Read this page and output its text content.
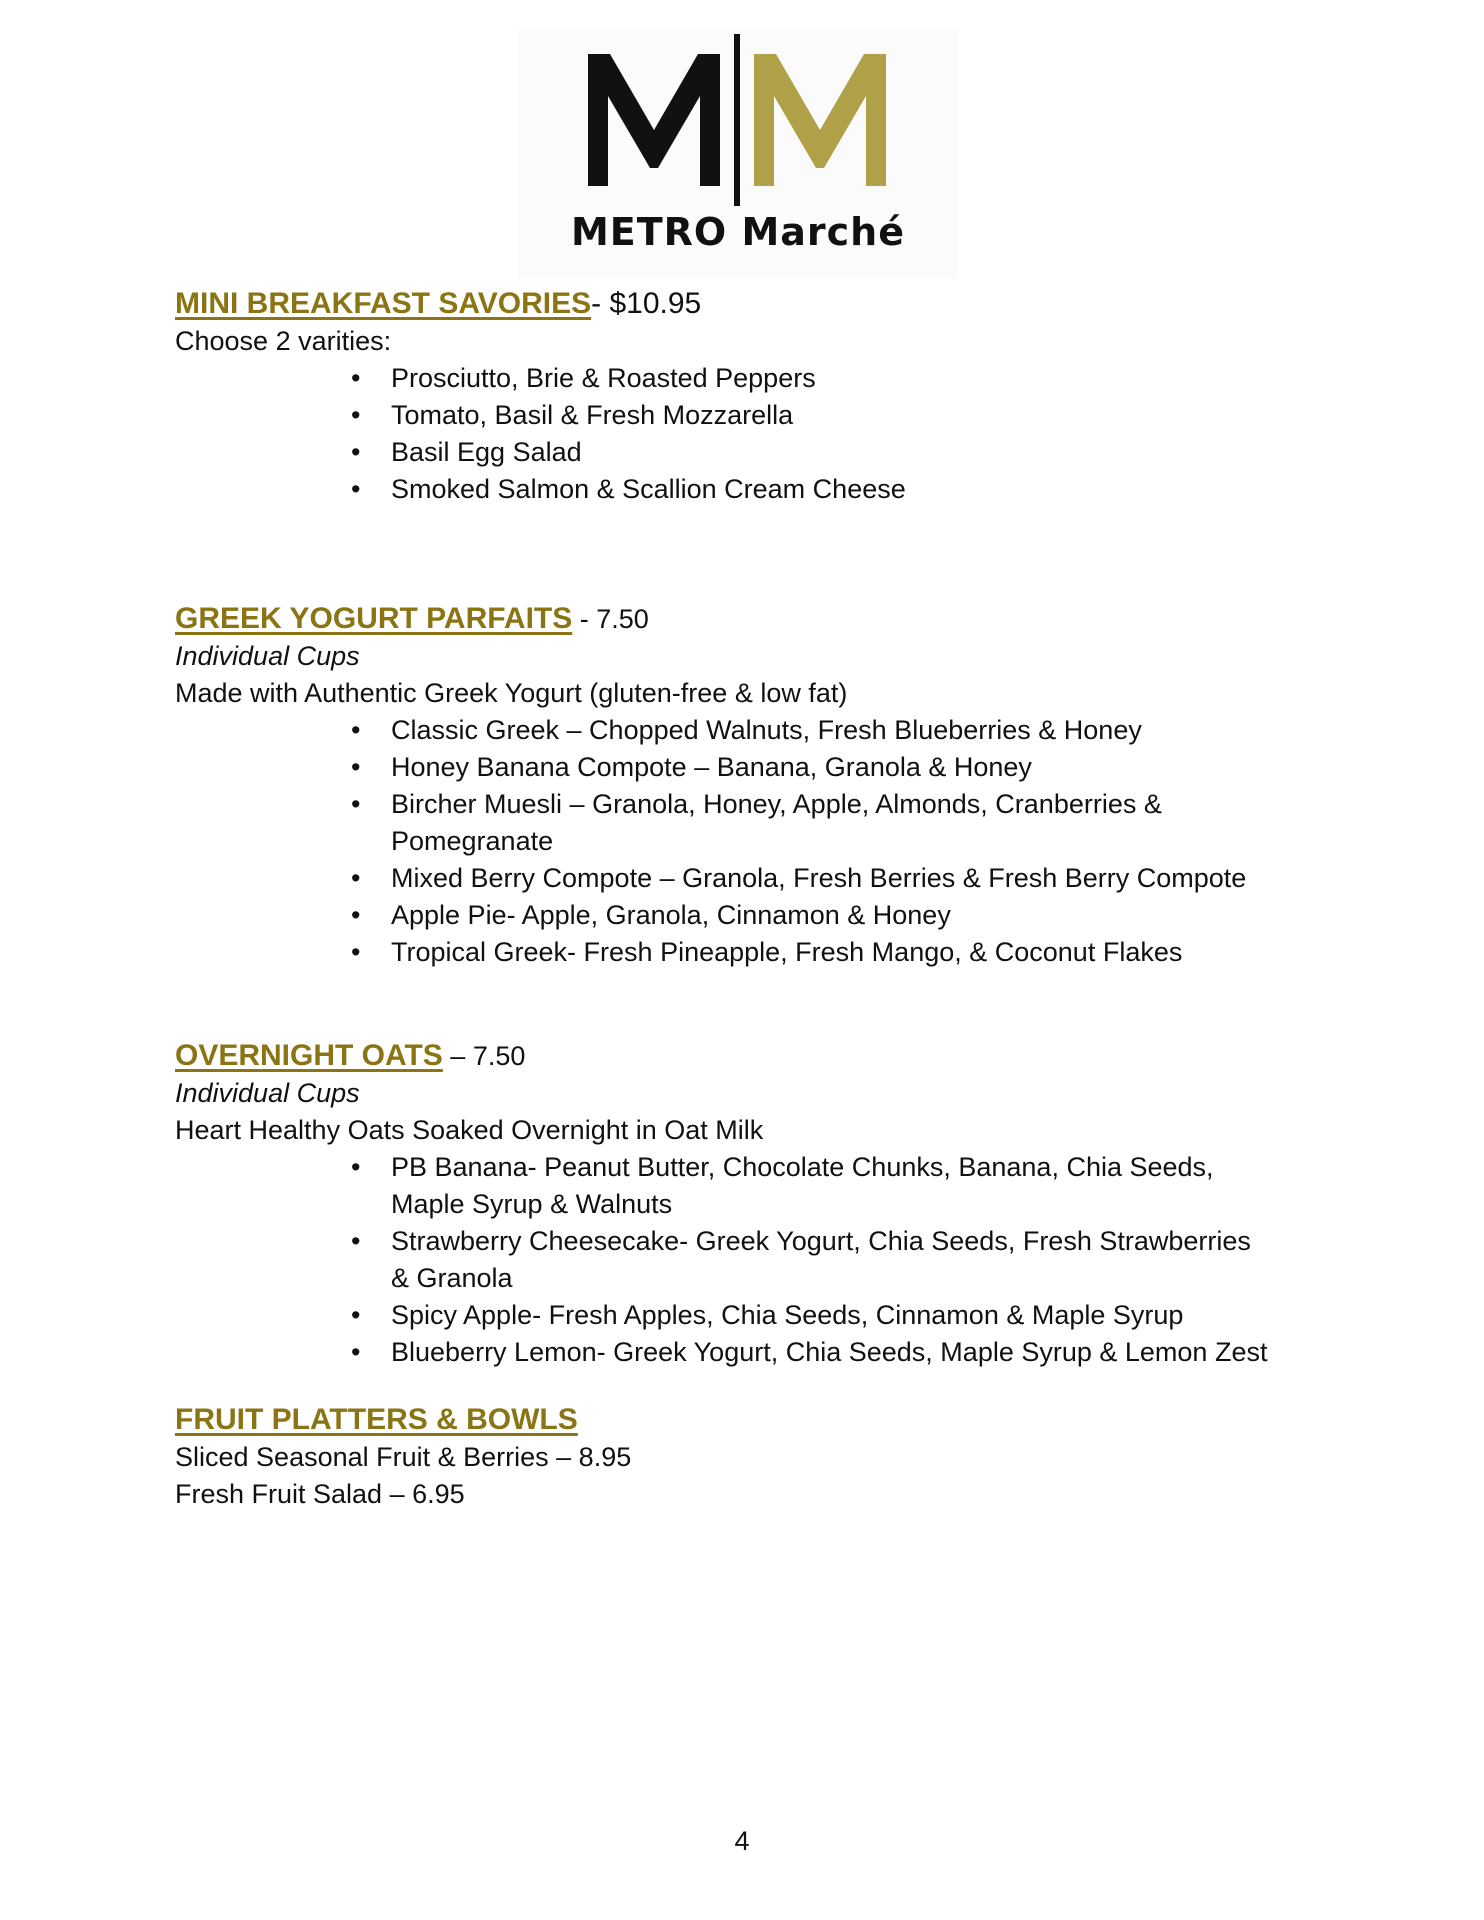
METRO Marché

MINI BREAKFAST SAVORIES- $10.95

Choose 2 varities:

• Prosciutto, Brie & Roasted Peppers
• Tomato, Basil & Fresh Mozzarella
• Basil Egg Salad
• Smoked Salmon & Scallion Cream Cheese

GREEK YOGURT PARFAITS - 7.50

Individual Cups

Made with Authentic Greek Yogurt (gluten-free & low fat)

• Classic Greek – Chopped Walnuts, Fresh Blueberries & Honey
• Honey Banana Compote – Banana, Granola & Honey
• Bircher Muesli – Granola, Honey, Apple, Almonds, Cranberries & Pomegranate
• Mixed Berry Compote – Granola, Fresh Berries & Fresh Berry Compote
• Apple Pie- Apple, Granola, Cinnamon & Honey
• Tropical Greek- Fresh Pineapple, Fresh Mango, & Coconut Flakes

OVERNIGHT OATS – 7.50

Individual Cups

Heart Healthy Oats Soaked Overnight in Oat Milk

• PB Banana- Peanut Butter, Chocolate Chunks, Banana, Chia Seeds, Maple Syrup & Walnuts
• Strawberry Cheesecake- Greek Yogurt, Chia Seeds, Fresh Strawberries & Granola
• Spicy Apple- Fresh Apples, Chia Seeds, Cinnamon & Maple Syrup
• Blueberry Lemon- Greek Yogurt, Chia Seeds, Maple Syrup & Lemon Zest

FRUIT PLATTERS & BOWLS

Sliced Seasonal Fruit & Berries – 8.95

Fresh Fruit Salad – 6.95

4
